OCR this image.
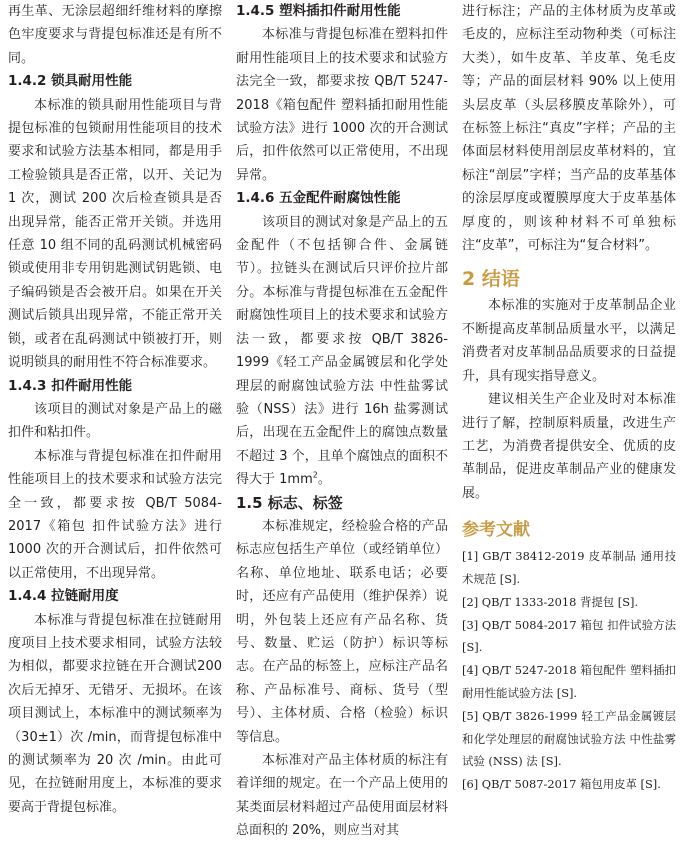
再生革、无涂层超细纤维材料的摩擦色牢度要求与背提包标准还是有所不同。

1.4.2 锁具耐用性能

本标准的锁具耐用性能项目与背提包标准的包锁耐用性能项目的技术要求和试验方法基本相同，都是用手工检验锁具是否正常，以开、关记为 1 次，测试 200 次后检查锁具是否出现异常，能否正常开关锁。并选用任意 10 组不同的乱码测试机械密码锁或使用非专用钥匙测试钥匙锁、电子编码锁是否会被开启。如果在开关测试后锁具出现异常，不能正常开关锁，或者在乱码测试中锁被打开，则说明锁具的耐用性不符合标准要求。

1.4.3 扣件耐用性能

该项目的测试对象是产品上的磁扣件和粘扣件。

本标准与背提包标准在扣件耐用性能项目上的技术要求和试验方法完全一致，都要求按 QB/T 5084-2017《箱包 扣件试验方法》进行 1000 次的开合测试后，扣件依然可以正常使用，不出现异常。

1.4.4 拉链耐用度

本标准与背提包标准在拉链耐用度项目上技术要求相同，试验方法较为相似，都要求拉链在开合测试200次后无掉牙、无错牙、无损坏。在该项目测试上，本标准中的测试频率为（30±1）次 /min，而背提包标准中的测试频率为 20 次 /min。由此可见，在拉链耐用度上，本标准的要求要高于背提包标准。

1.4.5 塑料插扣件耐用性能

本标准与背提包标准在塑料扣件耐用性能项目上的技术要求和试验方法完全一致，都要求按 QB/T 5247-2018《箱包配件 塑料插扣耐用性能试验方法》进行 1000 次的开合测试后，扣件依然可以正常使用，不出现异常。

1.4.6 五金配件耐腐蚀性能

该项目的测试对象是产品上的五金配件（不包括铆合件、金属链节）。拉链头在测试后只评价拉片部分。本标准与背提包标准在五金配件耐腐蚀性项目上的技术要求和试验方法一致，都要求按 QB/T 3826-1999《轻工产品金属镀层和化学处理层的耐腐蚀试验方法 中性盐雾试验（NSS）法》进行 16h 盐雾测试后，出现在五金配件上的腐蚀点数量不超过 3 个，且单个腐蚀点的面积不得大于 $1mm^2$。

1.5 标志、标签

本标准规定，经检验合格的产品标志应包括生产单位（或经销单位）名称、单位地址、联系电话；必要时，还应有产品使用（维护保养）说明，外包装上还应有产品名称、货号、数量、贮运（防护）标识等标志。在产品的标签上，应标注产品名称、产品标准号、商标、货号（型号）、主体材质、合格（检验）标识等信息。

本标准对产品主体材质的标注有着详细的规定。在一个产品上使用的某类面层材料超过产品使用面层材料总面积的 20%，则应当对其

进行标注；产品的主体材质为皮革或毛皮的，应标注至动物种类（可标注大类），如牛皮革、羊皮革、兔毛皮等；产品的面层材料 90% 以上使用头层皮革（头层移膜皮革除外），可在标签上标注“真皮”字样；产品的主体面层材料使用剖层皮革材料的，宜标注“剖层”字样；当产品的皮革基体的涂层厚度或覆膜厚度大于皮革基体厚度的，则该种材料不可单独标注“皮革”，可标注为“复合材料”。

2 结语

本标准的实施对于皮革制品企业不断提高皮革制品质量水平，以满足消费者对皮革制品品质要求的日益提升，具有现实指导意义。

建议相关生产企业及时对本标准进行了解，控制原料质量，改进生产工艺，为消费者提供安全、优质的皮革制品，促进皮革制品产业的健康发展。

参考文献

[1] GB/T 38412-2019 皮革制品 通用技术规范 [S].

[2] QB/T 1333-2018 背提包 [S].

[3] QB/T 5084-2017 箱包 扣件试验方法 [S].

[4] QB/T 5247-2018 箱包配件 塑料插扣耐用性能试验方法 [S].

[5] QB/T 3826-1999 轻工产品金属镀层和化学处理层的耐腐蚀试验方法 中性盐雾试验 (NSS) 法 [S].

[6] QB/T 5087-2017 箱包用皮革 [S].
